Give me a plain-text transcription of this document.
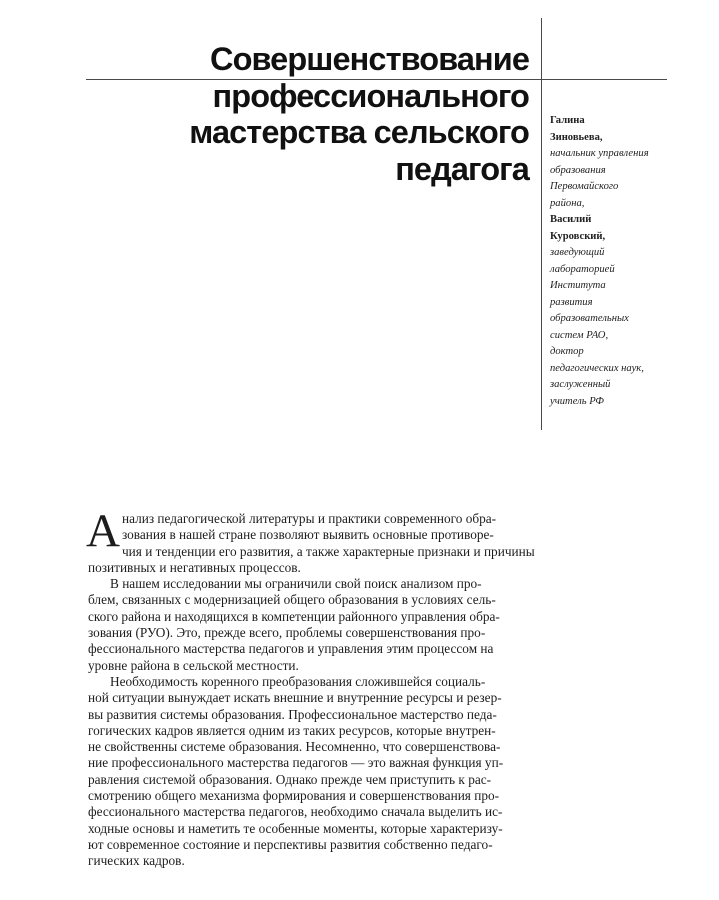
Совершенствование
профессионального
мастерства сельского
педагога
Галина
Зиновьева,
начальник управления
образования
Первомайского
района,
Василий
Куровский,
заведующий
лабораторией
Института
развития
образовательных
систем РАО,
доктор
педагогических наук,
заслуженный
учитель РФ

А нализ педагогической литературы и практики современного обра-
зования в нашей стране позволяют выявить основные противоре-
чия и тенденции его развития, а также характерные признаки и причины
позитивных и негативных процессов.

В нашем исследовании мы ограничили свой поиск анализом про-
блем, связанных с модернизацией общего образования в условиях сель-
ского района и находящихся в компетенции районного управления обра-
зования (РУО). Это, прежде всего, проблемы совершенствования про-
фессионального мастерства педагогов и управления этим процессом на
уровне района в сельской местности.

Необходимость коренного преобразования сложившейся социаль-
ной ситуации вынуждает искать внешние и внутренние ресурсы и резер-
вы развития системы образования. Профессиональное мастерство педа-
гогических кадров является одним из таких ресурсов, которые внутрен-
не свойственны системе образования. Несомненно, что совершенствова-
ние профессионального мастерства педагогов — это важная функция уп-
равления системой образования. Однако прежде чем приступить к рас-
смотрению общего механизма формирования и совершенствования про-
фессионального мастерства педагогов, необходимо сначала выделить ис-
ходные основы и наметить те особенные моменты, которые характеризу-
ют современное состояние и перспективы развития собственно педаго-
гических кадров.
